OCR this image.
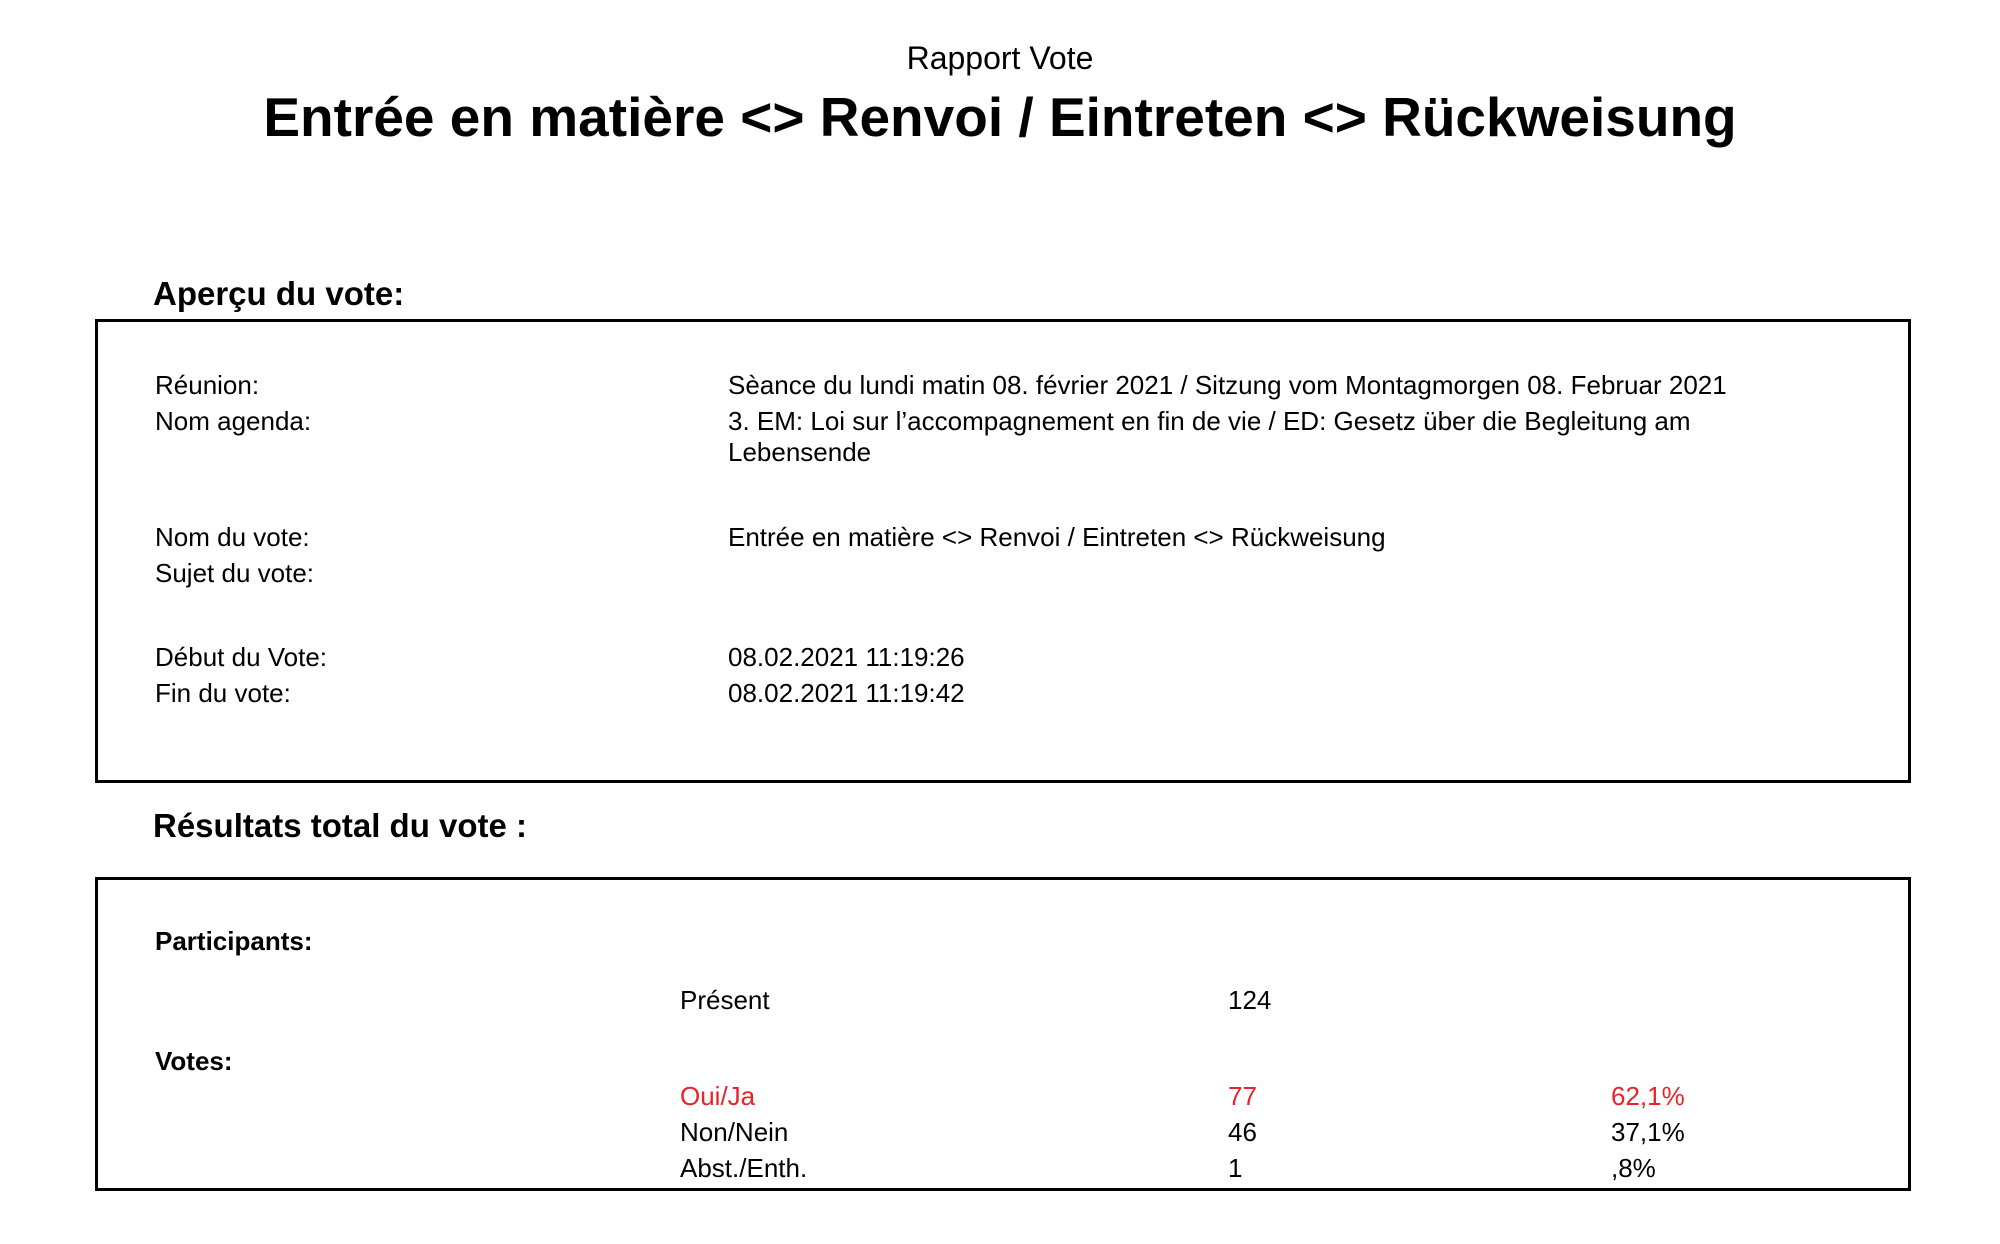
Rapport Vote
Entrée en matière <> Renvoi / Eintreten <> Rückweisung
Aperçu du vote:
Réunion:	Sèance du lundi matin 08. février 2021 / Sitzung vom Montagmorgen 08. Februar 2021
Nom agenda:	3. EM: Loi sur l’accompagnement en fin de vie / ED: Gesetz über die Begleitung am Lebensende
Nom du vote:	Entrée en matière <> Renvoi / Eintreten <> Rückweisung
Sujet du vote:
Début du Vote:	08.02.2021 11:19:26
Fin du vote:	08.02.2021 11:19:42
Résultats total du vote :
Participants:
Présent	124
Votes:
Oui/Ja	77	62,1%
Non/Nein	46	37,1%
Abst./Enth.	1	,8%
